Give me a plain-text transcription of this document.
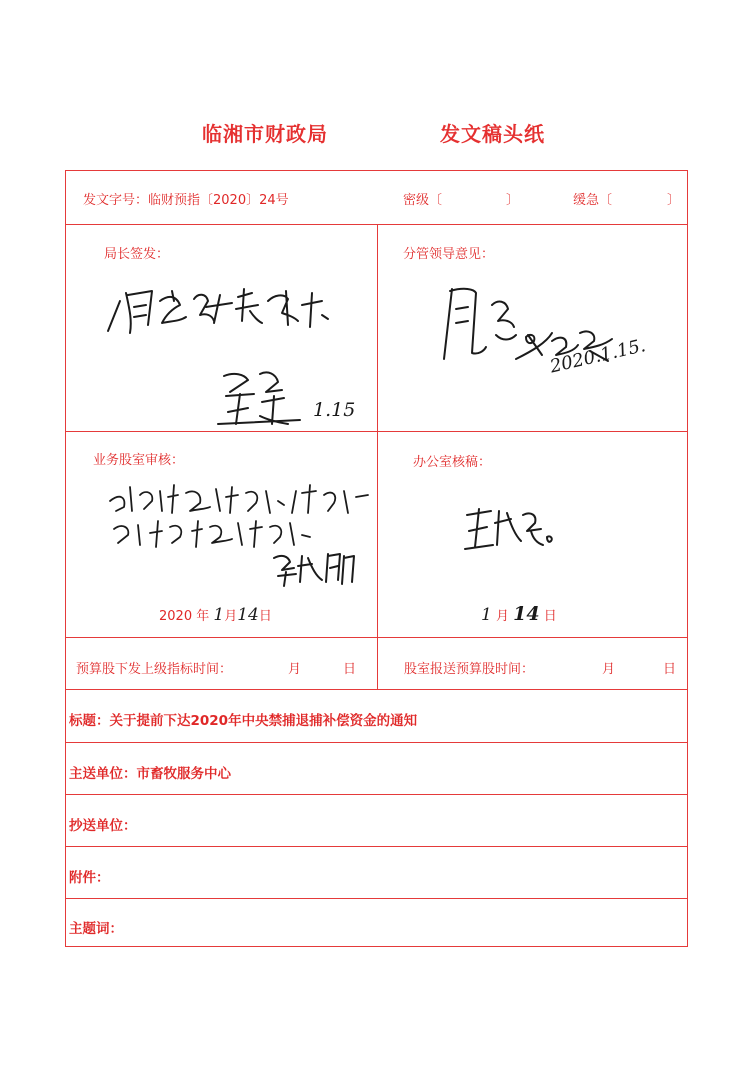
临湘市财政局	发文稿头纸
发文字号：临财预指〔2020〕24号	密级〔	〕	缓急〔	〕
局长签发：
1.15
分管领导意见：
2020.1.15.
业务股室审核：
2020 年 1月14日
办公室核稿：
1 月 14 日
预算股下发上级指标时间：	月	日	股室报送预算股时间：	月	日
标题：关于提前下达2020年中央禁捕退捕补偿资金的通知
主送单位：市畜牧服务中心
抄送单位：
附件：
主题词：
